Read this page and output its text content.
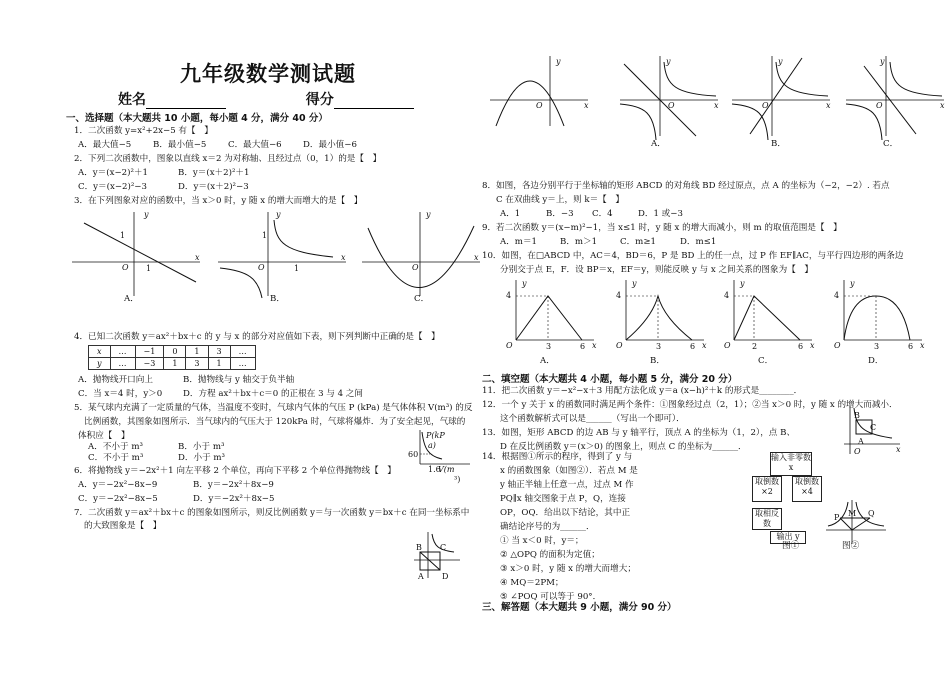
九年级数学测试题
姓名	得分
一、选择题（本大题共 10 小题，每小题 4 分，满分 40 分）
1．二次函数 y=x²+2x−5 有【　】
A．最大值−5	B．最小值−5	C．最大值−6 D．最小值−6
2．下列二次函数中，图象以直线 x＝2 为对称轴、且经过点（0，1）的是【　】
A．y＝(x−2)²＋1	B．y＝(x＋2)²＋1
C．y＝(x−2)²−3	D．y＝(x＋2)²−3
3．在下列图象对应的函数中，当 x＞0 时，y 随 x 的增大而增大的是【　】
y
x
O
1
1
A．
y
x
O
1
1
B．
y
x
O
C．
4．已知二次函数 y＝ax²＋bx＋c 的 y 与 x 的部分对应值如下表，则下列判断中正确的是【　】
x	…	−1	0	1	3	…
y	…	−3	1	3	1	…
A．抛物线开口向上	B．抛物线与 y 轴交于负半轴
C．当 x＝4 时，y＞0 D．方程 ax²＋bx＋c＝0 的正根在 3 与 4 之间
5．某气球内充满了一定质量的气体，当温度不变时，气球内气体的气压 P (kPa) 是气体体积 V(m³) 的反
比例函数，其图象如图所示．当气球内的气压大于 120kPa 时，气球将爆炸．为了安全起见，气球的
体积应【　】
A．不小于 m³	B．小于 m³
C．不小于 m³	D．小于 m³
P(kP
a)
60
V(m
³)
1.6
6．将抛物线 y＝−2x²＋1 向左平移 2 个单位，再向下平移 2 个单位得抛物线【　】
A．y＝−2x²−8x−9	B．y＝−2x²＋8x−9
C．y＝−2x²−8x−5	D．y＝−2x²＋8x−5
7．二次函数 y＝ax²＋bx＋c 的图象如图所示，则反比例函数 y＝与一次函数 y＝bx＋c 在同一坐标系中
的大致图象是【　】
B C
A D
y
x
O
y
x
O
A．
y
x
O
B．
y
x
O
C．
8．如图，各边分别平行于坐标轴的矩形 ABCD 的对角线 BD 经过原点，点 A 的坐标为（−2，−2）. 若点
C 在双曲线 y＝上，则 k＝【　】
A．1	B．−3 C．4	D．1 或−3
9．若二次函数 y＝(x−m)²−1，当 x≤1 时，y 随 x 的增大而减小，则 m 的取值范围是【　】
A．m＝1	B．m＞1	C．m≥1	D．m≤1
10．如图，在□ABCD 中，AC＝4，BD＝6，P 是 BD 上的任一点，过 P 作 EF∥AC，与平行四边形的两条边
分别交于点 E，F．设 BP＝x，EF＝y，则能反映 y 与 x 之间关系的图象为【　】
y
x
O
4
3	6
A．
y
x
O
4
3	6
B．
y
x
O
4
2	6
C．
y
x
O
4
3	6
D．
二、填空题（本大题共 4 小题，每小题 5 分，满分 20 分）
11．把二次函数 y＝−x²−x＋3 用配方法化成 y＝a (x−h)²＋k 的形式是________．
12．一个 y 关于 x 的函数同时满足两个条件：①图象经过点（2，1）；②当 x＞0 时，y 随 x 的增大而减小．
这个函数解析式可以是______（写出一个即可）．
13．如图，矩形 ABCD 的边 AB 与 y 轴平行，顶点 A 的坐标为（1，2），点 B、
D 在反比例函数 y＝(x＞0) 的图象上，则点 C 的坐标为______．	O	x
B
C
A
14．根据图①所示的程序，得到了 y 与
x 的函数图象（如图②）．若点 M 是
y 轴正半轴上任意一点，过点 M 作
PQ∥x 轴交图象于点 P，Q，连接
OP，OQ．给出以下结论，其中正
确结论序号的为______．
① 当 x＜0 时，y＝；
② △OPQ 的面积为定值；
③ x＞0 时，y 随 x 的增大而增大；
④ MQ＝2PM；
⑤ ∠POQ 可以等于 90°．
输入非零数 x
取倒数
×2
取倒数
×4
取相反数
输出 y
图①
P M Q
图②
三、解答题（本大题共 9 小题，满分 90 分）
